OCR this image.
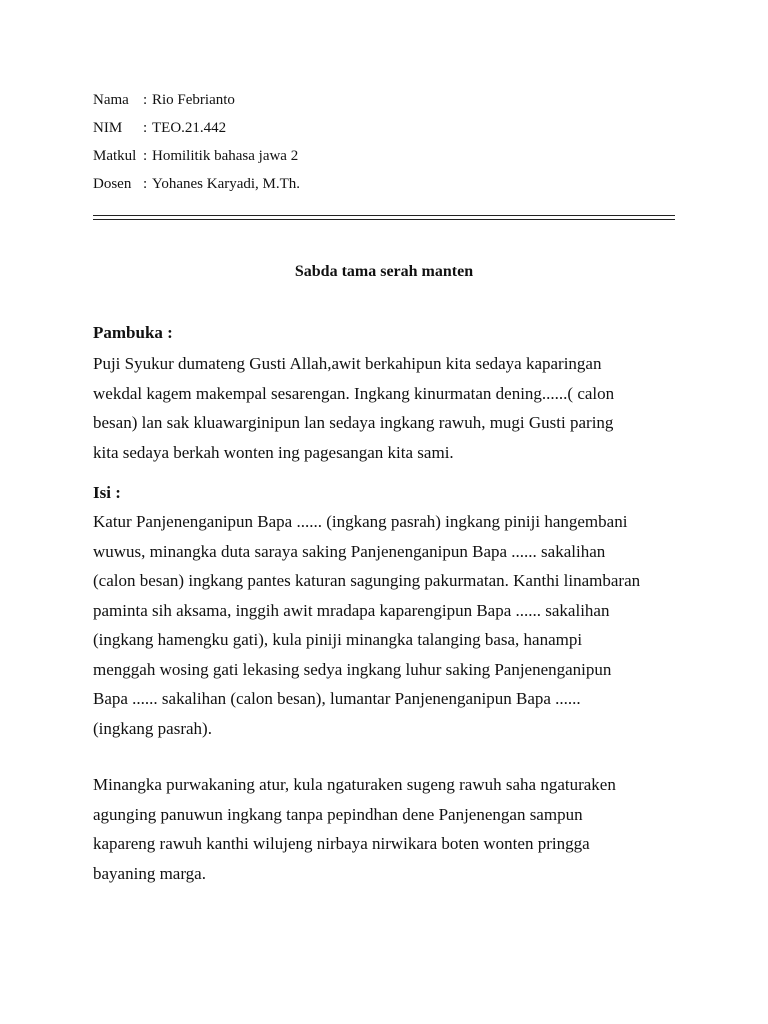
Nama : Rio Febrianto
NIM	: TEO.21.442
Matkul : Homilitik bahasa jawa 2
Dosen : Yohanes Karyadi, M.Th.
Sabda tama serah manten
Pambuka :
Puji Syukur dumateng Gusti Allah,awit berkahipun kita sedaya kaparingan
wekdal kagem makempal sesarengan. Ingkang kinurmatan dening......( calon
besan) lan sak kluawarginipun lan sedaya ingkang rawuh, mugi Gusti paring
kita sedaya berkah wonten ing pagesangan kita sami.
Isi :
Katur Panjenenganipun Bapa ...... (ingkang pasrah) ingkang piniji hangembani
wuwus, minangka duta saraya saking Panjenenganipun Bapa ...... sakalihan
(calon besan) ingkang pantes katuran sagunging pakurmatan. Kanthi linambaran
paminta sih aksama, inggih awit mradapa kaparengipun Bapa ...... sakalihan
(ingkang hamengku gati), kula piniji minangka talanging basa, hanampi
menggah wosing gati lekasing sedya ingkang luhur saking Panjenenganipun
Bapa ...... sakalihan (calon besan), lumantar Panjenenganipun Bapa ......
(ingkang pasrah).
Minangka purwakaning atur, kula ngaturaken sugeng rawuh saha ngaturaken
agunging panuwun ingkang tanpa pepindhan dene Panjenengan sampun
kapareng rawuh kanthi wilujeng nirbaya nirwikara boten wonten pringga
bayaning marga.
